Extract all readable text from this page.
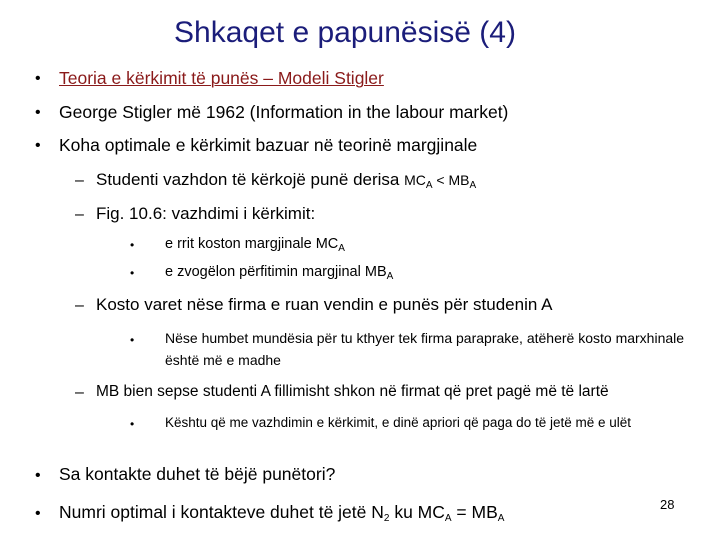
Shkaqet e papunësisë (4)
• Teoria e kërkimit të punës – Modeli Stigler
• George Stigler më 1962 (Information in the labour market)
• Koha optimale e kërkimit bazuar në teorinë margjinale
– Studenti vazhdon të kërkojë punë derisa $MC_A < MB_A$
– Fig. 10.6: vazhdimi i kërkimit:
• e rrit koston margjinale $MC_A$
• e zvogëlon përfitimin margjinal $MB_A$
– Kosto varet nëse firma e ruan vendin e punës për studenin A
• Nëse humbet mundësia për tu kthyer tek firma paraprake, atëherë kosto marxhinale është më e madhe
– MB bien sepse studenti A fillimisht shkon në firmat që pret pagë më të lartë
• Kështu që me vazhdimin e kërkimit, e dinë apriori që paga do të jetë më e ulët
• Sa kontakte duhet të bëjë punëtori?
• Numri optimal i kontakteve duhet të jetë $N_2$ ku $MC_A = MB_A$
28
